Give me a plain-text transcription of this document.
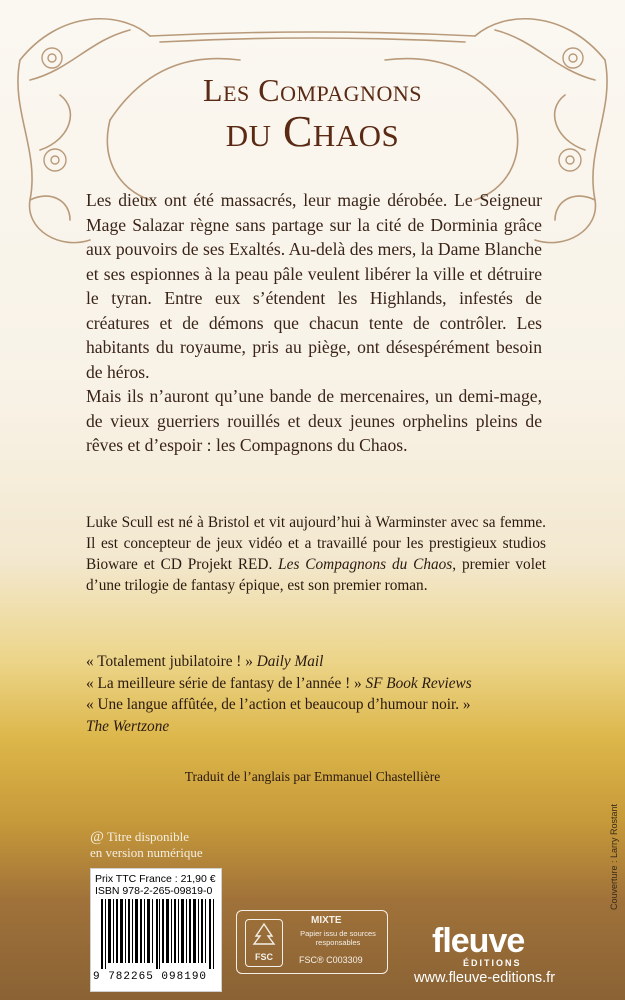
Les Compagnons
du Chaos

Les dieux ont été massacrés, leur magie dérobée. Le Seigneur Mage Salazar règne sans partage sur la cité de Dorminia grâce aux pouvoirs de ses Exaltés. Au-delà des mers, la Dame Blanche et ses espionnes à la peau pâle veulent libérer la ville et détruire le tyran. Entre eux s’étendent les Highlands, infestés de créatures et de démons que chacun tente de contrôler. Les habitants du royaume, pris au piège, ont désespérément besoin de héros.

Mais ils n’auront qu’une bande de mercenaires, un demi-mage, de vieux guerriers rouillés et deux jeunes orphelins pleins de rêves et d’espoir : les Compagnons du Chaos.

Luke Scull est né à Bristol et vit aujourd’hui à Warminster avec sa femme. Il est concepteur de jeux vidéo et a travaillé pour les prestigieux studios Bioware et CD Projekt RED. Les Compagnons du Chaos, premier volet d’une trilogie de fantasy épique, est son premier roman.

« Totalement jubilatoire ! » Daily Mail
« La meilleure série de fantasy de l’année ! » SF Book Reviews
« Une langue affûtée, de l’action et beaucoup d’humour noir. »
The Wertzone
Traduit de l’anglais par Emmanuel Chastellière
@ Titre disponible
en version numérique
Prix TTC France : 21,90 €
ISBN 978-2-265-09819-0
9 782265 098190
FSC
MIXTE
Papier issu de sources responsables
FSC® C003309 fleuve
ÉDITIONS
www.fleuve-editions.fr
Couverture : Larry Rostant
